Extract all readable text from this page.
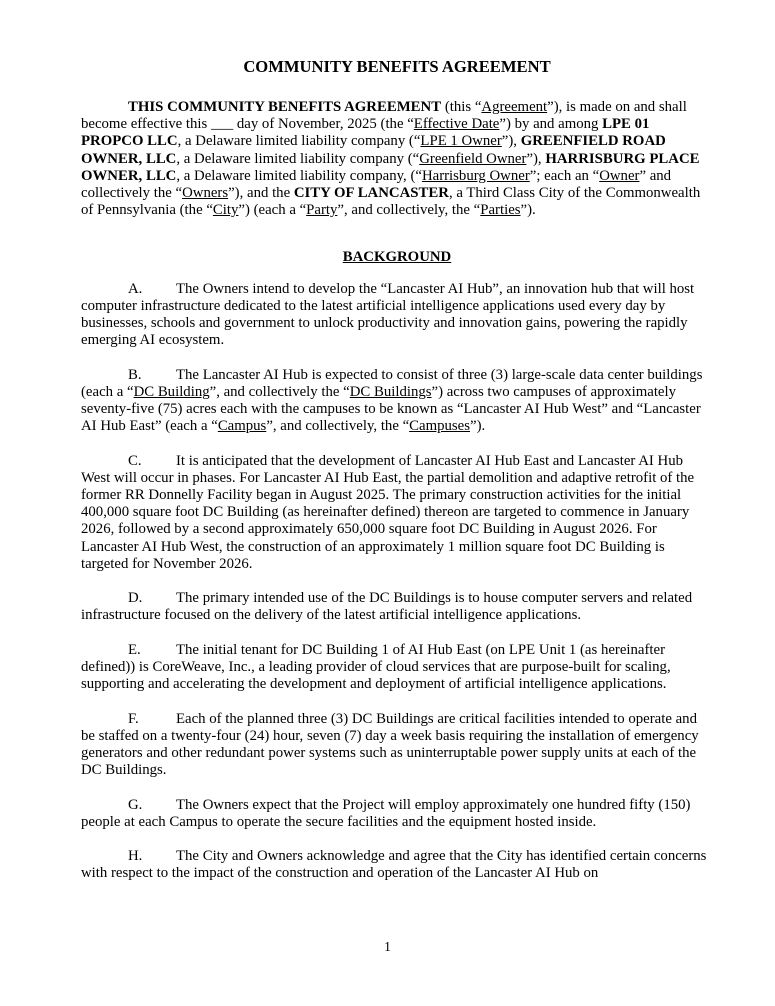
COMMUNITY BENEFITS AGREEMENT

THIS COMMUNITY BENEFITS AGREEMENT (this “Agreement”), is made on and shall become effective this ___ day of November, 2025 (the “Effective Date”) by and among LPE 01 PROPCO LLC, a Delaware limited liability company (“LPE 1 Owner”), GREENFIELD ROAD OWNER, LLC, a Delaware limited liability company (“Greenfield Owner”), HARRISBURG PLACE OWNER, LLC, a Delaware limited liability company, (“Harrisburg Owner”; each an “Owner” and collectively the “Owners”), and the CITY OF LANCASTER, a Third Class City of the Commonwealth of Pennsylvania (the “City”) (each a “Party”, and collectively, the “Parties”).

BACKGROUND

A. The Owners intend to develop the “Lancaster AI Hub”, an innovation hub that will host computer infrastructure dedicated to the latest artificial intelligence applications used every day by businesses, schools and government to unlock productivity and innovation gains, powering the rapidly emerging AI ecosystem.

B. The Lancaster AI Hub is expected to consist of three (3) large-scale data center buildings (each a “DC Building”, and collectively the “DC Buildings”) across two campuses of approximately seventy-five (75) acres each with the campuses to be known as “Lancaster AI Hub West” and “Lancaster AI Hub East” (each a “Campus”, and collectively, the “Campuses”).

C. It is anticipated that the development of Lancaster AI Hub East and Lancaster AI Hub West will occur in phases. For Lancaster AI Hub East, the partial demolition and adaptive retrofit of the former RR Donnelly Facility began in August 2025. The primary construction activities for the initial 400,000 square foot DC Building (as hereinafter defined) thereon are targeted to commence in January 2026, followed by a second approximately 650,000 square foot DC Building in August 2026. For Lancaster AI Hub West, the construction of an approximately 1 million square foot DC Building is targeted for November 2026.

D. The primary intended use of the DC Buildings is to house computer servers and related infrastructure focused on the delivery of the latest artificial intelligence applications.

E. The initial tenant for DC Building 1 of AI Hub East (on LPE Unit 1 (as hereinafter defined)) is CoreWeave, Inc., a leading provider of cloud services that are purpose-built for scaling, supporting and accelerating the development and deployment of artificial intelligence applications.

F.	Each of the planned three (3) DC Buildings are critical facilities intended to operate and be staffed on a twenty-four (24) hour, seven (7) day a week basis requiring the installation of emergency generators and other redundant power systems such as uninterruptable power supply units at each of the DC Buildings.

G. The Owners expect that the Project will employ approximately one hundred fifty (150) people at each Campus to operate the secure facilities and the equipment hosted inside.

H. The City and Owners acknowledge and agree that the City has identified certain concerns with respect to the impact of the construction and operation of the Lancaster AI Hub on

1
